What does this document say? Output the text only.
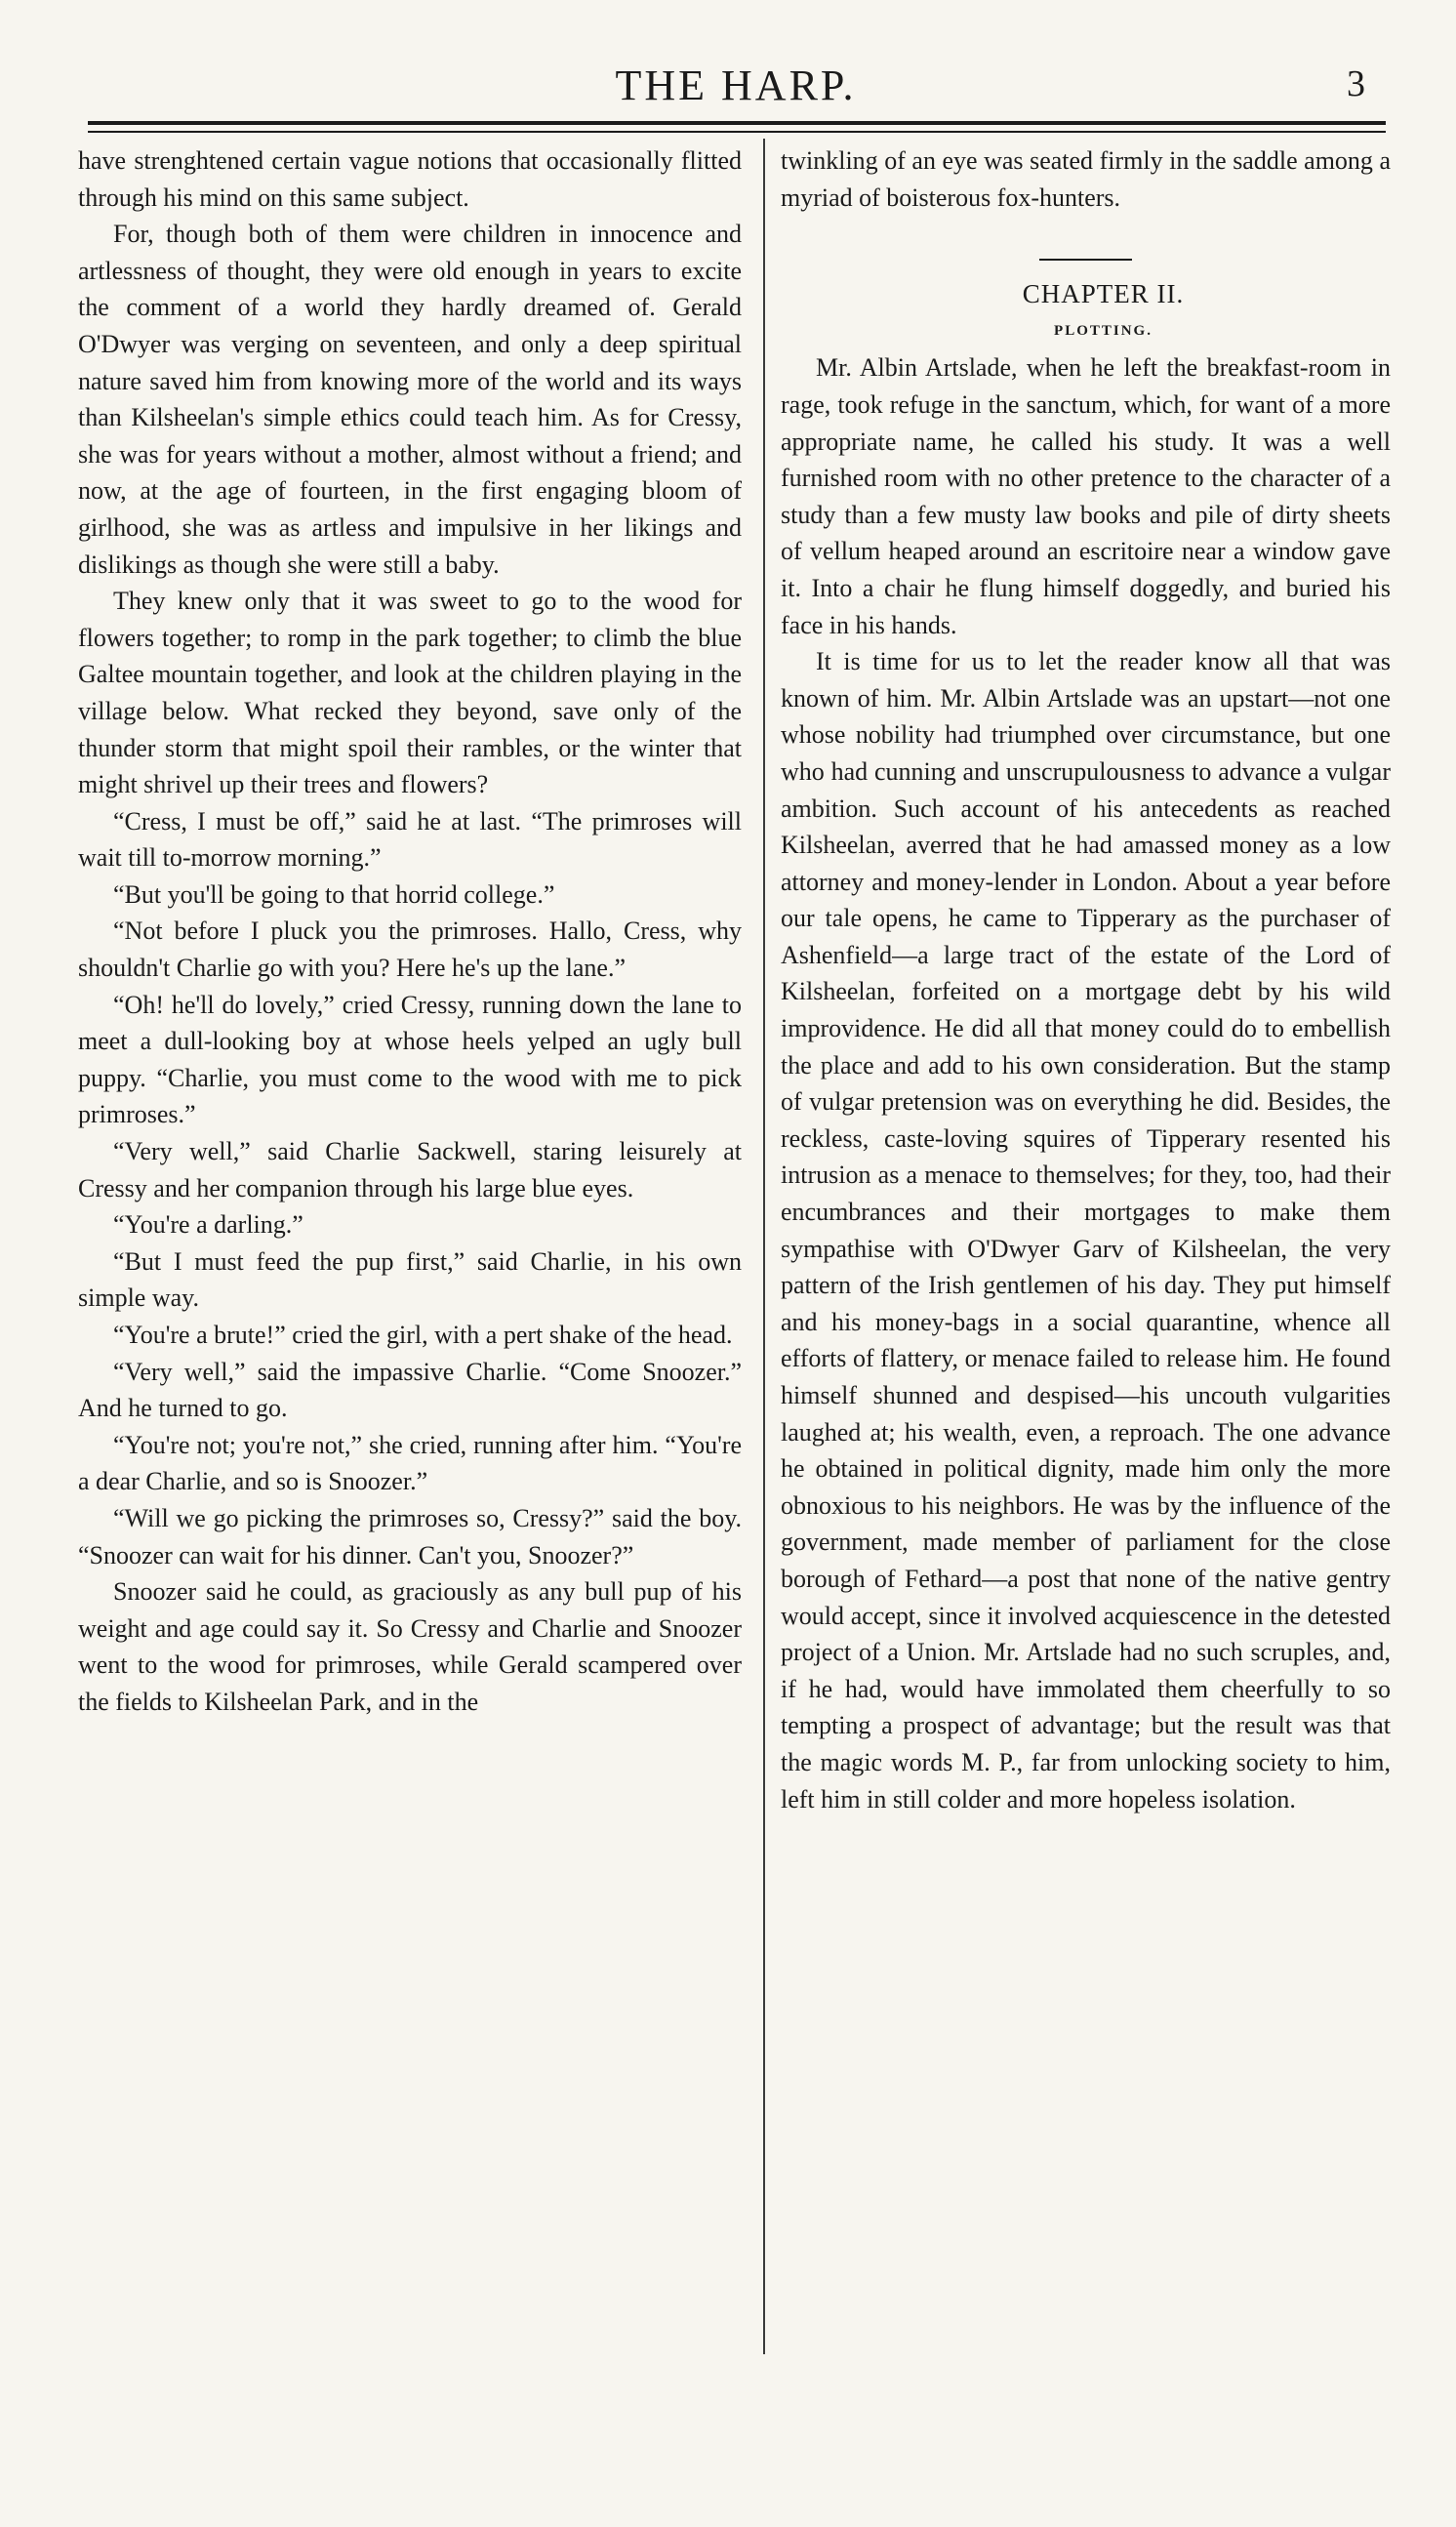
THE HARP.	3

have strenghtened certain vague notions that occasionally flitted through his mind on this same subject.

For, though both of them were children in innocence and artlessness of thought, they were old enough in years to excite the comment of a world they hardly dreamed of. Gerald O'Dwyer was verging on seventeen, and only a deep spiritual nature saved him from knowing more of the world and its ways than Kilsheelan's simple ethics could teach him. As for Cressy, she was for years without a mother, almost without a friend; and now, at the age of fourteen, in the first engaging bloom of girlhood, she was as artless and impulsive in her likings and dislikings as though she were still a baby.

They knew only that it was sweet to go to the wood for flowers together; to romp in the park together; to climb the blue Galtee mountain together, and look at the children playing in the village below. What recked they beyond, save only of the thunder storm that might spoil their rambles, or the winter that might shrivel up their trees and flowers?

“Cress, I must be off,” said he at last. “The primroses will wait till to-morrow morning.”

“But you'll be going to that horrid college.”

“Not before I pluck you the primroses. Hallo, Cress, why shouldn't Charlie go with you? Here he's up the lane.”

“Oh! he'll do lovely,” cried Cressy, running down the lane to meet a dull-looking boy at whose heels yelped an ugly bull puppy. “Charlie, you must come to the wood with me to pick primroses.”

“Very well,” said Charlie Sackwell, staring leisurely at Cressy and her companion through his large blue eyes.

“You're a darling.”

“But I must feed the pup first,” said Charlie, in his own simple way.

“You're a brute!” cried the girl, with a pert shake of the head.

“Very well,” said the impassive Charlie. “Come Snoozer.” And he turned to go.

“You're not; you're not,” she cried, running after him. “You're a dear Charlie, and so is Snoozer.”

“Will we go picking the primroses so, Cressy?” said the boy. “Snoozer can wait for his dinner. Can't you, Snoozer?”

Snoozer said he could, as graciously as any bull pup of his weight and age could say it. So Cressy and Charlie and Snoozer went to the wood for primroses, while Gerald scampered over the fields to Kilsheelan Park, and in the

twinkling of an eye was seated firmly in the saddle among a myriad of boisterous fox-hunters.

CHAPTER II.

PLOTTING.

Mr. Albin Artslade, when he left the breakfast-room in rage, took refuge in the sanctum, which, for want of a more appropriate name, he called his study. It was a well furnished room with no other pretence to the character of a study than a few musty law books and pile of dirty sheets of vellum heaped around an escritoire near a window gave it. Into a chair he flung himself doggedly, and buried his face in his hands.

It is time for us to let the reader know all that was known of him. Mr. Albin Artslade was an upstart—not one whose nobility had triumphed over circumstance, but one who had cunning and unscrupulousness to advance a vulgar ambition. Such account of his antecedents as reached Kilsheelan, averred that he had amassed money as a low attorney and money-lender in London. About a year before our tale opens, he came to Tipperary as the purchaser of Ashenfield—a large tract of the estate of the Lord of Kilsheelan, forfeited on a mortgage debt by his wild improvidence. He did all that money could do to embellish the place and add to his own consideration. But the stamp of vulgar pretension was on everything he did. Besides, the reckless, caste-loving squires of Tipperary resented his intrusion as a menace to themselves; for they, too, had their encumbrances and their mortgages to make them sympathise with O'Dwyer Garv of Kilsheelan, the very pattern of the Irish gentlemen of his day. They put himself and his money-bags in a social quarantine, whence all efforts of flattery, or menace failed to release him. He found himself shunned and despised—his uncouth vulgarities laughed at; his wealth, even, a reproach. The one advance he obtained in political dignity, made him only the more obnoxious to his neighbors. He was by the influence of the government, made member of parliament for the close borough of Fethard—a post that none of the native gentry would accept, since it involved acquiescence in the detested project of a Union. Mr. Artslade had no such scruples, and, if he had, would have immolated them cheerfully to so tempting a prospect of advantage; but the result was that the magic words M. P., far from unlocking society to him, left him in still colder and more hopeless isolation.
